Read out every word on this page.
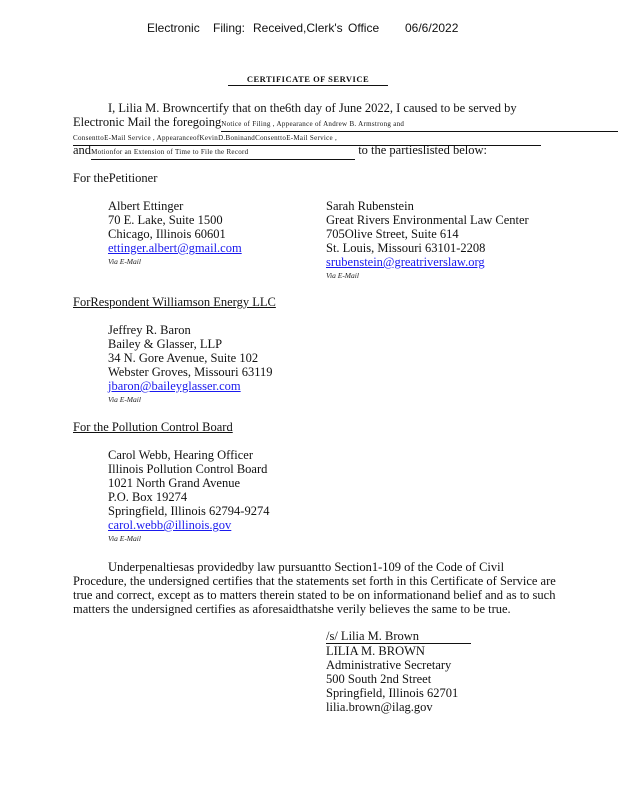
Electronic Filing: Received,Clerk's Office 06/6/2022
CERTIFICATE OF SERVICE
I, Lilia M. Browncertify that on the6th day of June 2022, I caused to be served by
Electronic Mail the foregoingNotice of Filing , Appearance of Andrew B. Armstrong and
ConsenttoE-Mail Service , AppearanceofKevinD.BoninandConsenttoE-Mail Service ,
andMotionfor an Extension of Time to File the Record	to the partieslisted below:
For thePetitioner
Albert Ettinger
70 E. Lake, Suite 1500
Chicago, Illinois 60601
ettinger.albert@gmail.com
Via E-Mail
Sarah Rubenstein
Great Rivers Environmental Law Center
705Olive Street, Suite 614
St. Louis, Missouri 63101-2208
srubenstein@greatriverslaw.org
Via E-Mail
ForRespondent Williamson Energy LLC
Jeffrey R. Baron
Bailey & Glasser, LLP
34 N. Gore Avenue, Suite 102
Webster Groves, Missouri 63119
jbaron@baileyglasser.com
Via E-Mail
For the Pollution Control Board
Carol Webb, Hearing Officer
Illinois Pollution Control Board
1021 North Grand Avenue
P.O. Box 19274
Springfield, Illinois 62794-9274
carol.webb@illinois.gov
Via E-Mail
Underpenaltiesas providedby law pursuantto Section1-109 of the Code of Civil
Procedure, the undersigned certifies that the statements set forth in this Certificate of Service are
true and correct, except as to matters therein stated to be on informationand belief and as to such
matters the undersigned certifies as aforesaidthatshe verily believes the same to be true.
/s/ Lilia M. Brown
LILIA M. BROWN
Administrative Secretary
500 South 2nd Street
Springfield, Illinois 62701
lilia.brown@ilag.gov
